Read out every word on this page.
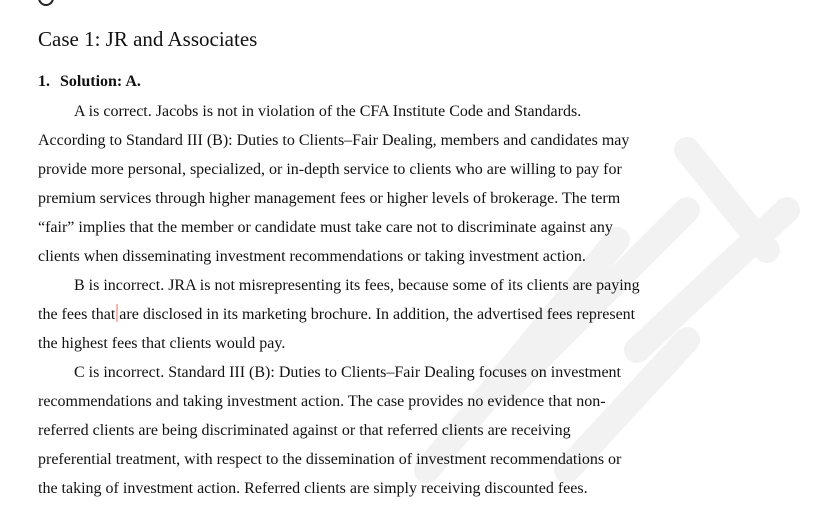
Case 1: JR and Associates
1. Solution: A.

A is correct. Jacobs is not in violation of the CFA Institute Code and Standards.
According to Standard III (B): Duties to Clients–Fair Dealing, members and candidates may
provide more personal, specialized, or in-depth service to clients who are willing to pay for
premium services through higher management fees or higher levels of brokerage. The term
“fair” implies that the member or candidate must take care not to discriminate against any
clients when disseminating investment recommendations or taking investment action.

B is incorrect. JRA is not misrepresenting its fees, because some of its clients are paying
the fees that are disclosed in its marketing brochure. In addition, the advertised fees represent
the highest fees that clients would pay.

C is incorrect. Standard III (B): Duties to Clients–Fair Dealing focuses on investment
recommendations and taking investment action. The case provides no evidence that non-
referred clients are being discriminated against or that referred clients are receiving
preferential treatment, with respect to the dissemination of investment recommendations or
the taking of investment action. Referred clients are simply receiving discounted fees.
